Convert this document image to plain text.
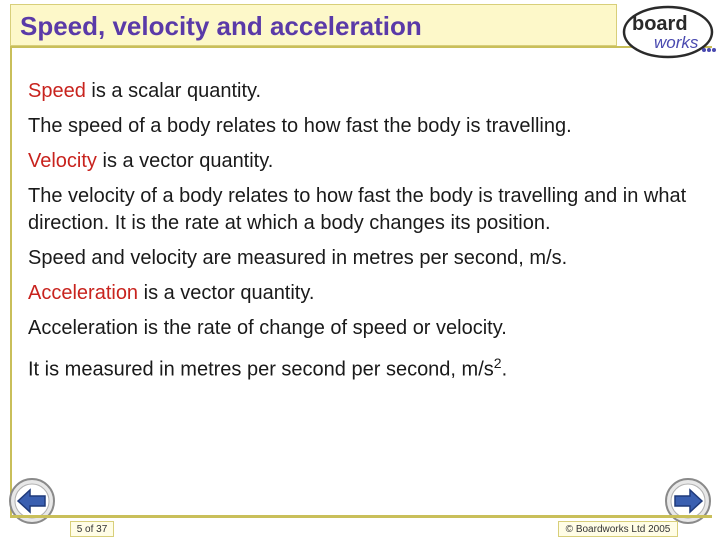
Speed, velocity and acceleration	board
works

Speed is a scalar quantity.

The speed of a body relates to how fast the body is travelling.

Velocity is a vector quantity.

The velocity of a body relates to how fast the body is travelling and in what direction. It is the rate at which a body changes its position.

Speed and velocity are measured in metres per second, m/s.

Acceleration is a vector quantity.

Acceleration is the rate of change of speed or velocity.

It is measured in metres per second per second, $m/s^2$.

5 of 37	© Boardworks Ltd 2005
